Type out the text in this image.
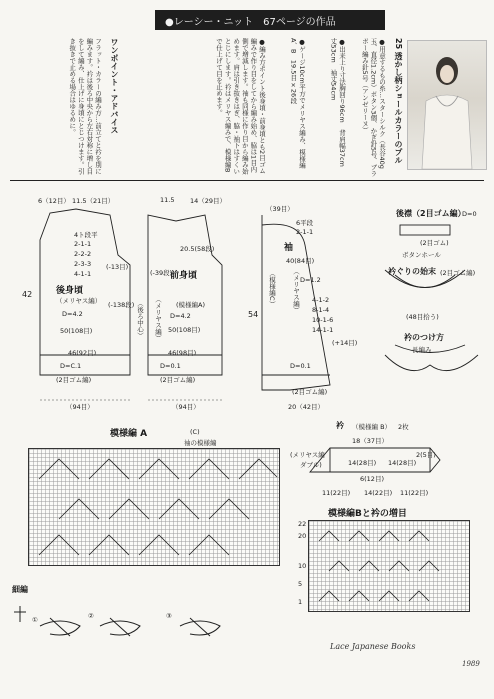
●レーシー・ニット　67ページの作品
25 透かし柄ショールカラーのプル
●用意するもの糸…スターシルク（長谷40g玉、直径1.2cm）ボタン3個、かぎ針5号、ブラボー編み針5号（アンゼリーヌ）
●出来上り寸法胸回り96cm　背肩幅37cm　丈53cm　袖丈54cm
●ゲージ10cm平方でメリヤス編み、模様編A、B　19.5目×26段
●編み方ポイント後身頃・前身頃とも2目ゴム編みで作り目をしてから編み始め、脇は1目内側で増減します。袖も同様に作り目から編み始めます。肩は引き抜きはぎ、脇・袖下はすくいとじにします。衿はメリヤス編みで、模様編Bで仕上げて目を止めます。
ワンポイント・アドバイス
フラット・カラーの編み方…前立てと衿を別に編みます。衿は後ろ中央から左右対称に増し目をして編み、仕上げに身頃にとじつけます。引き抜きで止める場合はゆるめに。
6（12目） 11.5（21目）
4ト段平
2-1-1
2-2-2
2-3-3
4-1-1
(-13目)
後身頃
（メリヤス編）
D=4.2
50(108目)
46(92目)
D=C.1
(2目ゴム編)
42
（94目）
(-138段)
11.5 14（29目）
20.5(58段)
(-39段)
前身頃
(模様編A)
D=4.2
50(108目)
46(98目)
D=0.1
(2目ゴム編)
（94目）
（メリヤス編）
（後ろ中心）
（39目）
6平段
2-1-1
袖
40(84目)
D=1.2
4-1-2
8-1-4
10-1-6
14-1-1
(+14目)
D=0.1
(2目ゴム編)
20（42目）
54
（模様編C）	（メリヤス編）
後襟（2目ゴム編）
D=0
(2目ゴム)
ボタンホール
衿ぐりの始末 (2目ゴム編)
(48目拾う)
衿のつけ方
長編み
模様編 A	(C)
袖の模様編
細編
①	②	③
衿 （模様編 B） 2枚
18（37目）
(メリヤス編
ダブル)	14(28目) 14(28目)
11(22目) 14(22目) 11(22目)
2(5目)
6(12目)
模様編Bと衿の増目
22
20
10
5
1
Lace Japanese Books
1989
